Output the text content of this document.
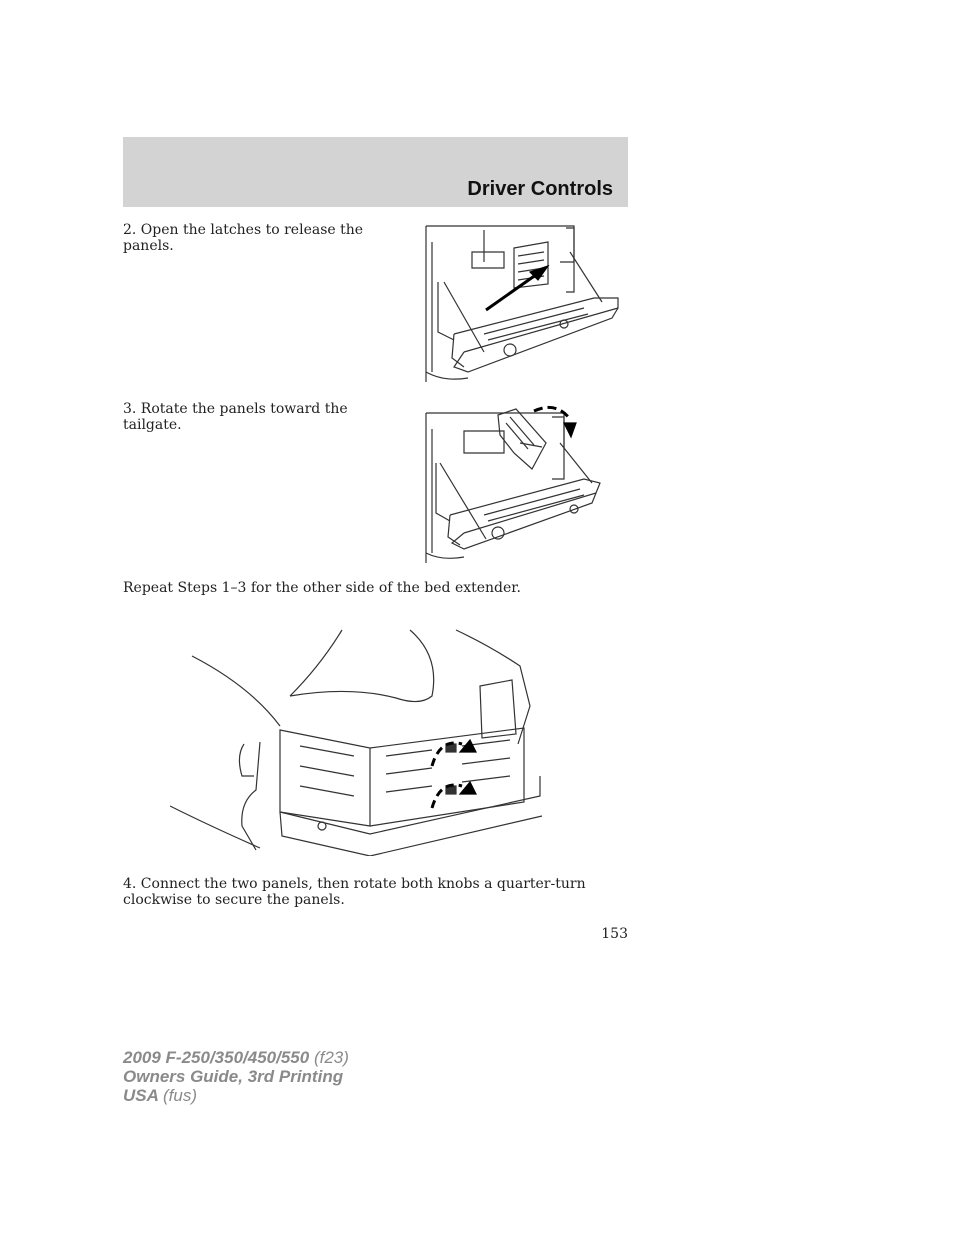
Driver Controls
2. Open the latches to release the panels.
3. Rotate the panels toward the tailgate.
Repeat Steps 1–3 for the other side of the bed extender.
4. Connect the two panels, then rotate both knobs a quarter-turn clockwise to secure the panels.
153
2009 F-250/350/450/550 (f23)
Owners Guide, 3rd Printing
USA (fus)
